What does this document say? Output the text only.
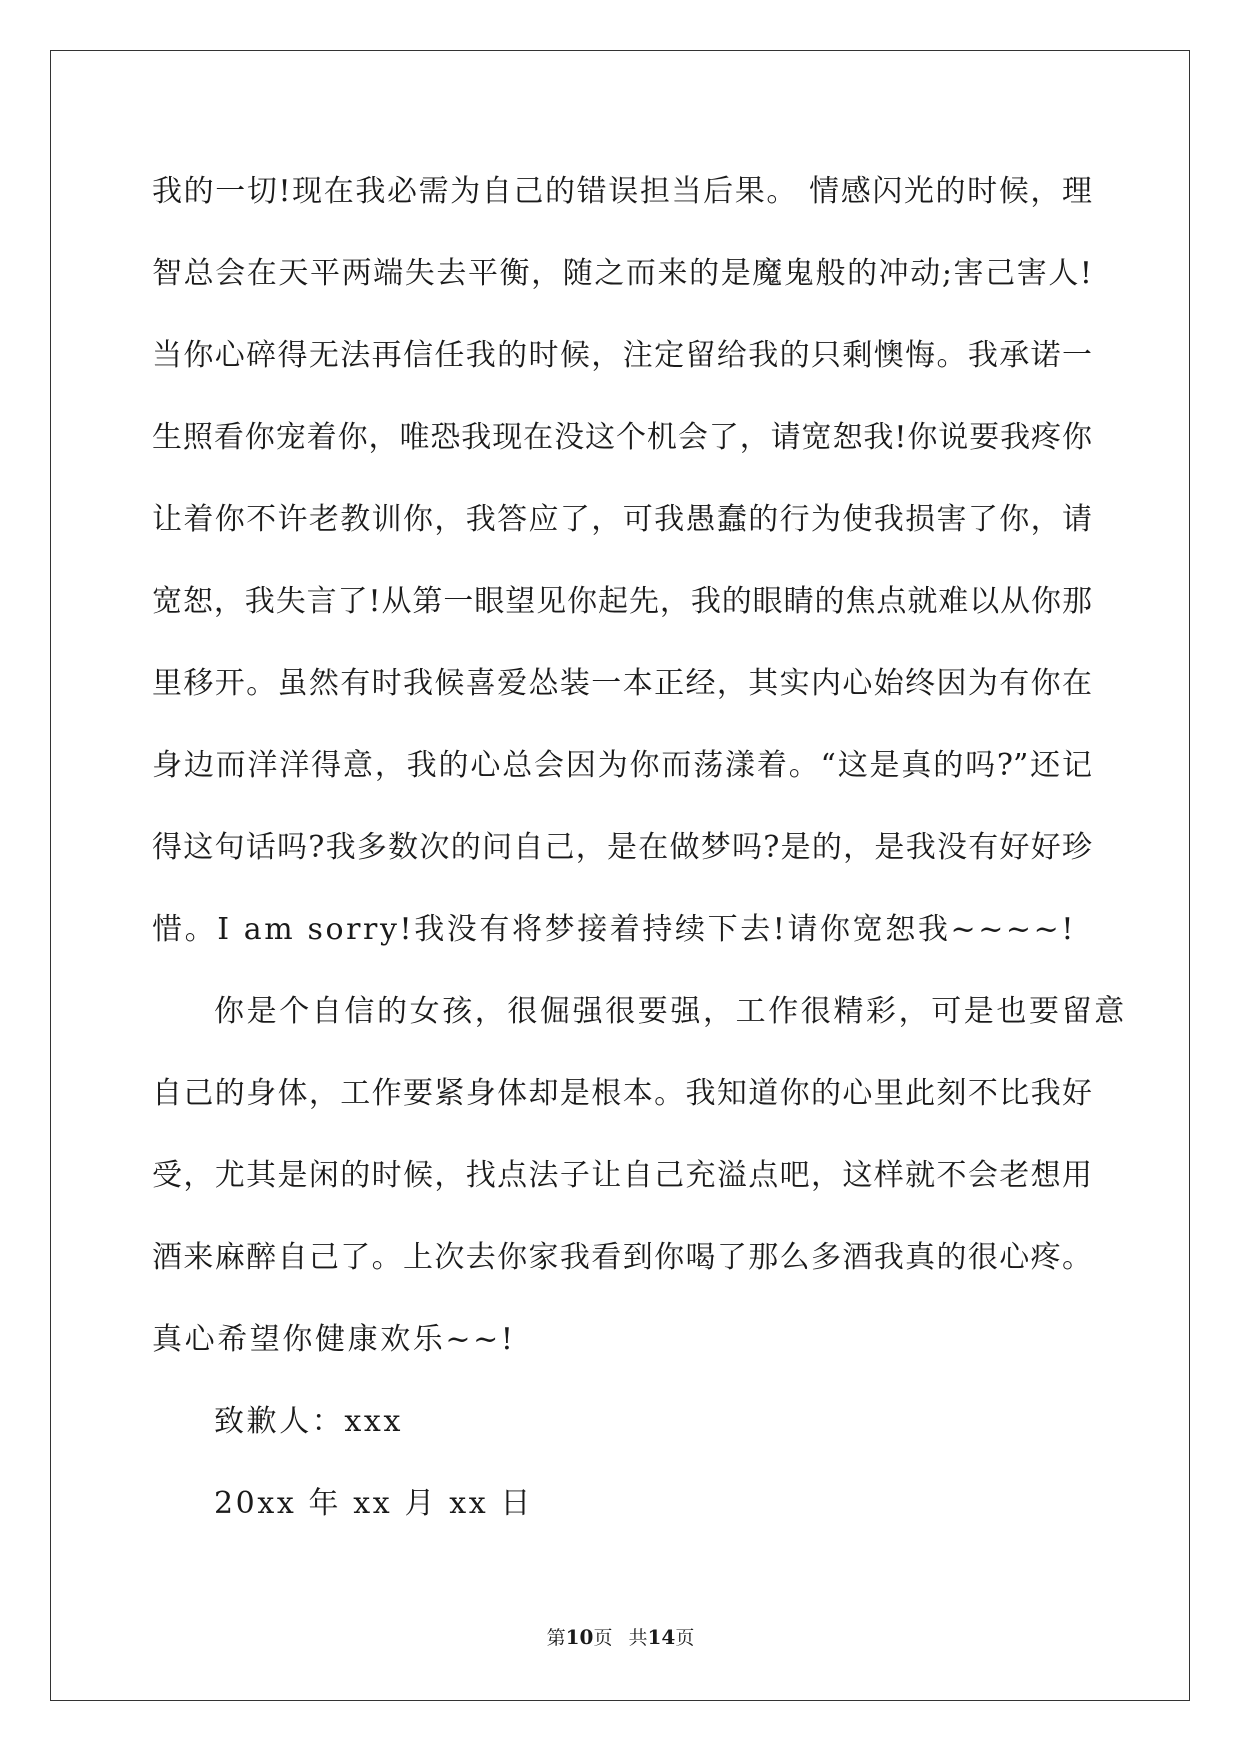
我的一切!现在我必需为自己的错误担当后果。 情感闪光的时候，理
智总会在天平两端失去平衡，随之而来的是魔鬼般的冲动;害己害人!
当你心碎得无法再信任我的时候，注定留给我的只剩懊悔。我承诺一
生照看你宠着你，唯恐我现在没这个机会了，请宽恕我!你说要我疼你
让着你不许老教训你，我答应了，可我愚蠢的行为使我损害了你，请
宽恕，我失言了!从第一眼望见你起先，我的眼睛的焦点就难以从你那
里移开。虽然有时我候喜爱怂装一本正经，其实内心始终因为有你在
身边而洋洋得意，我的心总会因为你而荡漾着。“这是真的吗?”还记
得这句话吗?我多数次的问自己，是在做梦吗?是的，是我没有好好珍
惜。I am sorry!我没有将梦接着持续下去!请你宽恕我~~~~!
你是个自信的女孩，很倔强很要强，工作很精彩，可是也要留意
自己的身体，工作要紧身体却是根本。我知道你的心里此刻不比我好
受，尤其是闲的时候，找点法子让自己充溢点吧，这样就不会老想用
酒来麻醉自己了。上次去你家我看到你喝了那么多酒我真的很心疼。
真心希望你健康欢乐~~!
致歉人：xxx
20xx 年 xx 月 xx 日
第10页 共14页
